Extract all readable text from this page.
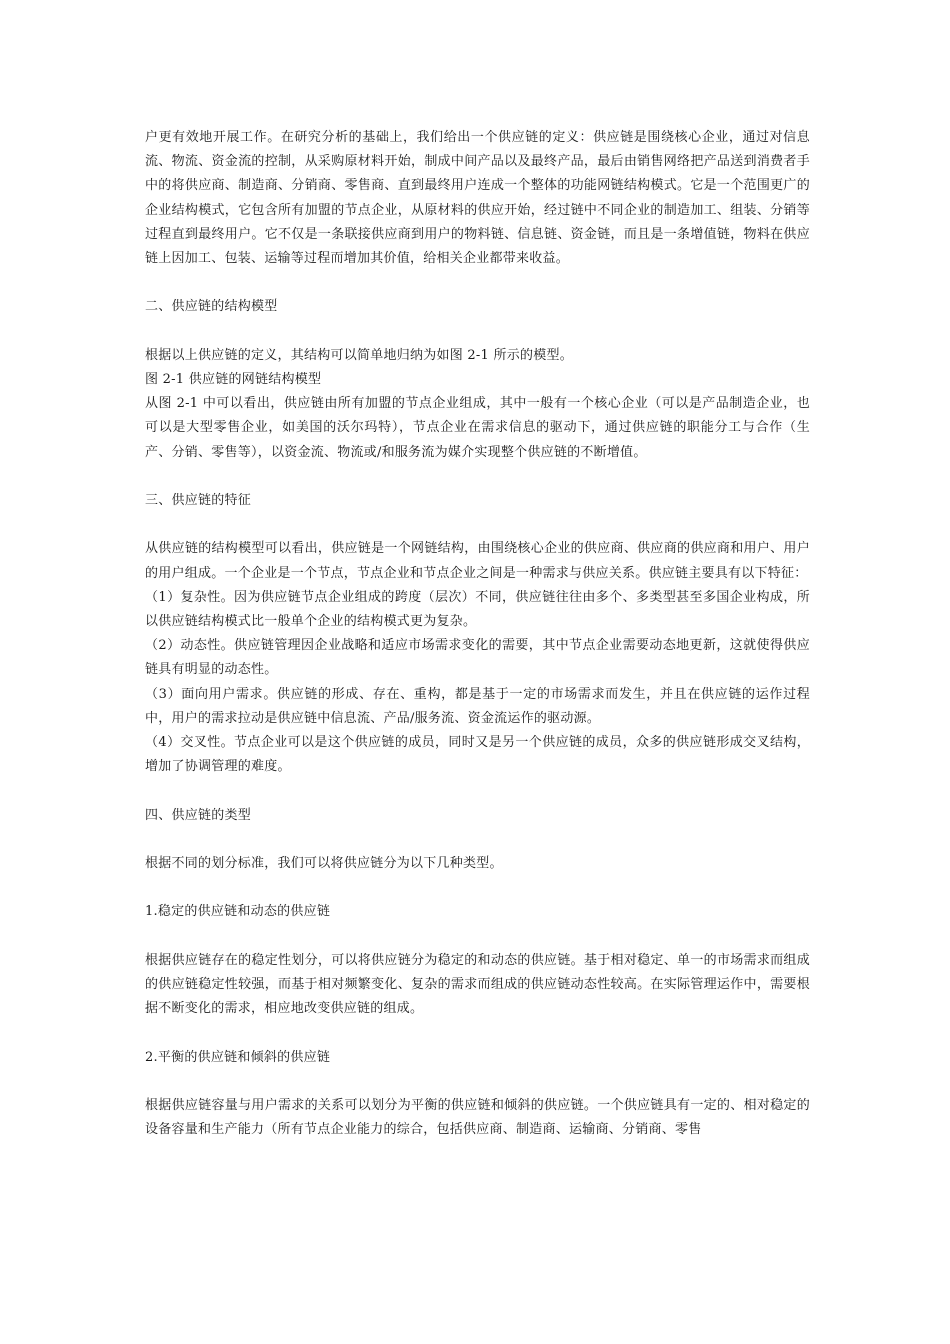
户更有效地开展工作。在研究分析的基础上，我们给出一个供应链的定义：供应链是围绕核心企业，通过对信息流、物流、资金流的控制，从采购原材料开始，制成中间产品以及最终产品，最后由销售网络把产品送到消费者手中的将供应商、制造商、分销商、零售商、直到最终用户连成一个整体的功能网链结构模式。它是一个范围更广的企业结构模式，它包含所有加盟的节点企业，从原材料的供应开始，经过链中不同企业的制造加工、组装、分销等过程直到最终用户。它不仅是一条联接供应商到用户的物料链、信息链、资金链，而且是一条增值链，物料在供应链上因加工、包装、运输等过程而增加其价值，给相关企业都带来收益。

二、供应链的结构模型

根据以上供应链的定义，其结构可以简单地归纳为如图 2-1 所示的模型。

图 2-1 供应链的网链结构模型

从图 2-1 中可以看出，供应链由所有加盟的节点企业组成，其中一般有一个核心企业（可以是产品制造企业，也可以是大型零售企业，如美国的沃尔玛特），节点企业在需求信息的驱动下，通过供应链的职能分工与合作（生产、分销、零售等），以资金流、物流或/和服务流为媒介实现整个供应链的不断增值。

三、供应链的特征

从供应链的结构模型可以看出，供应链是一个网链结构，由围绕核心企业的供应商、供应商的供应商和用户、用户的用户组成。一个企业是一个节点，节点企业和节点企业之间是一种需求与供应关系。供应链主要具有以下特征：

（1）复杂性。因为供应链节点企业组成的跨度（层次）不同，供应链往往由多个、多类型甚至多国企业构成，所以供应链结构模式比一般单个企业的结构模式更为复杂。

（2）动态性。供应链管理因企业战略和适应市场需求变化的需要，其中节点企业需要动态地更新，这就使得供应链具有明显的动态性。

（3）面向用户需求。供应链的形成、存在、重构，都是基于一定的市场需求而发生，并且在供应链的运作过程中，用户的需求拉动是供应链中信息流、产品/服务流、资金流运作的驱动源。

（4）交叉性。节点企业可以是这个供应链的成员，同时又是另一个供应链的成员，众多的供应链形成交叉结构，增加了协调管理的难度。

四、供应链的类型

根据不同的划分标准，我们可以将供应链分为以下几种类型。

1.稳定的供应链和动态的供应链

根据供应链存在的稳定性划分，可以将供应链分为稳定的和动态的供应链。基于相对稳定、单一的市场需求而组成的供应链稳定性较强，而基于相对频繁变化、复杂的需求而组成的供应链动态性较高。在实际管理运作中，需要根据不断变化的需求，相应地改变供应链的组成。

2.平衡的供应链和倾斜的供应链

根据供应链容量与用户需求的关系可以划分为平衡的供应链和倾斜的供应链。一个供应链具有一定的、相对稳定的设备容量和生产能力（所有节点企业能力的综合，包括供应商、制造商、运输商、分销商、零售
